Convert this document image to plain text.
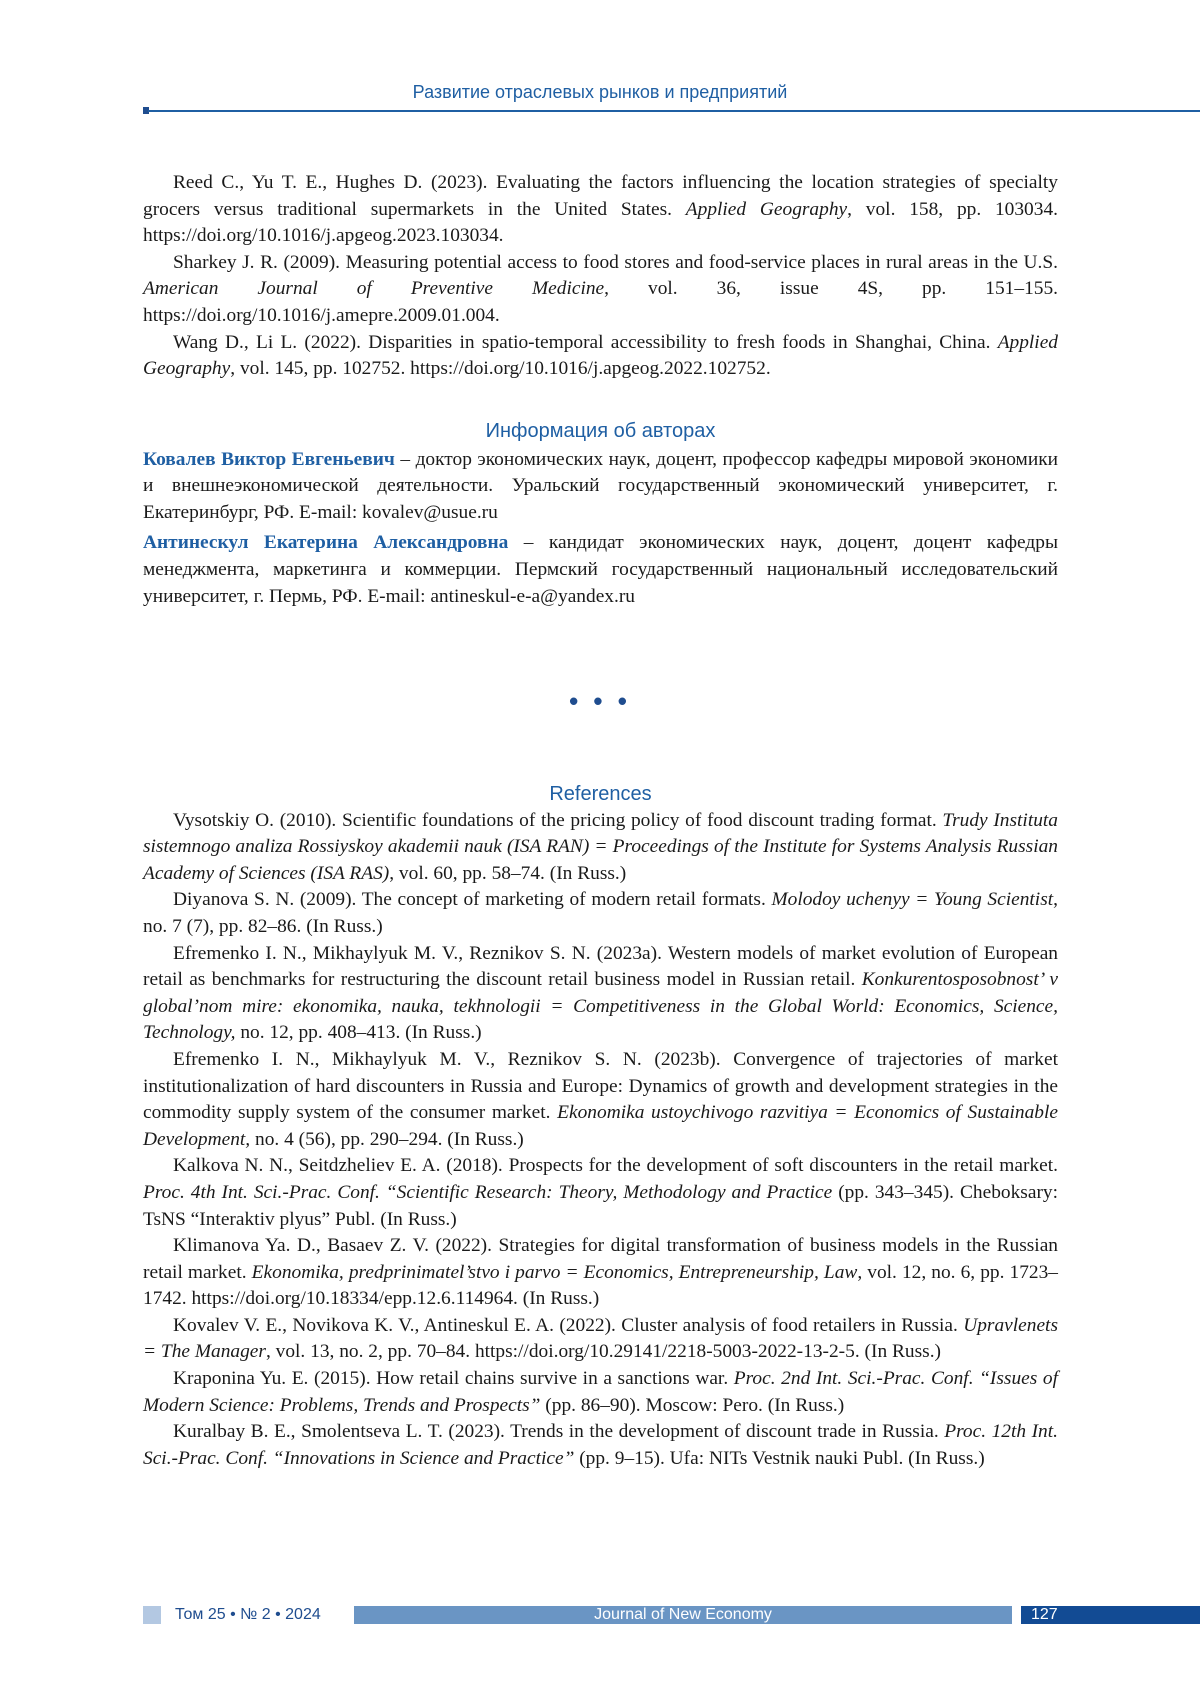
Развитие отраслевых рынков и предприятий

Reed C., Yu T. E., Hughes D. (2023). Evaluating the factors influencing the location strategies of specialty grocers versus traditional supermarkets in the United States. Applied Geography, vol. 158, pp. 103034. https://doi.org/10.1016/j.apgeog.2023.103034.

Sharkey J. R. (2009). Measuring potential access to food stores and food-service places in rural areas in the U.S. American Journal of Preventive Medicine, vol. 36, issue 4S, pp. 151–155. https://doi.org/10.1016/j.amepre.2009.01.004.

Wang D., Li L. (2022). Disparities in spatio-temporal accessibility to fresh foods in Shanghai, China. Applied Geography, vol. 145, pp. 102752. https://doi.org/10.1016/j.apgeog.2022.102752.

Информация об авторах

Ковалев Виктор Евгеньевич – доктор экономических наук, доцент, профессор кафедры мировой экономики и внешнеэкономической деятельности. Уральский государственный экономический университет, г. Екатеринбург, РФ. E-mail: kovalev@usue.ru

Антинескул Екатерина Александровна – кандидат экономических наук, доцент, доцент кафедры менеджмента, маркетинга и коммерции. Пермский государственный национальный исследовательский университет, г. Пермь, РФ. E-mail: antineskul-e-a@yandex.ru

• • •

References

Vysotskiy O. (2010). Scientific foundations of the pricing policy of food discount trading format. Trudy Instituta sistemnogo analiza Rossiyskoy akademii nauk (ISA RAN) = Proceedings of the Institute for Systems Analysis Russian Academy of Sciences (ISA RAS), vol. 60, pp. 58–74. (In Russ.)

Diyanova S. N. (2009). The concept of marketing of modern retail formats. Molodoy uchenyy = Young Scientist, no. 7 (7), pp. 82–86. (In Russ.)

Efremenko I. N., Mikhaylyuk M. V., Reznikov S. N. (2023a). Western models of market evolution of European retail as benchmarks for restructuring the discount retail business model in Russian retail. Konkurentosposobnost’ v global’nom mire: ekonomika, nauka, tekhnologii = Competitiveness in the Global World: Economics, Science, Technology, no. 12, pp. 408–413. (In Russ.)

Efremenko I. N., Mikhaylyuk M. V., Reznikov S. N. (2023b). Convergence of trajectories of market institutionalization of hard discounters in Russia and Europe: Dynamics of growth and development strategies in the commodity supply system of the consumer market. Ekonomika ustoychivogo razvitiya = Economics of Sustainable Development, no. 4 (56), pp. 290–294. (In Russ.)

Kalkova N. N., Seitdzheliev E. A. (2018). Prospects for the development of soft discounters in the retail market. Proc. 4th Int. Sci.-Prac. Conf. “Scientific Research: Theory, Methodology and Practice (pp. 343–345). Cheboksary: TsNS “Interaktiv plyus” Publ. (In Russ.)

Klimanova Ya. D., Basaev Z. V. (2022). Strategies for digital transformation of business models in the Russian retail market. Ekonomika, predprinimatel’stvo i parvo = Economics, Entrepreneurship, Law, vol. 12, no. 6, pp. 1723–1742. https://doi.org/10.18334/epp.12.6.114964. (In Russ.)

Kovalev V. E., Novikova K. V., Antineskul E. A. (2022). Cluster analysis of food retailers in Russia. Upravlenets = The Manager, vol. 13, no. 2, pp. 70–84. https://doi.org/10.29141/2218-5003-2022-13-2-5. (In Russ.)

Kraponina Yu. E. (2015). How retail chains survive in a sanctions war. Proc. 2nd Int. Sci.-Prac. Conf. “Issues of Modern Science: Problems, Trends and Prospects” (pp. 86–90). Moscow: Pero. (In Russ.)

Kuralbay B. E., Smolentseva L. T. (2023). Trends in the development of discount trade in Russia. Proc. 12th Int. Sci.-Prac. Conf. “Innovations in Science and Practice” (pp. 9–15). Ufa: NITs Vestnik nauki Publ. (In Russ.)

Том 25 • № 2 • 2024	Journal of New Economy	127
